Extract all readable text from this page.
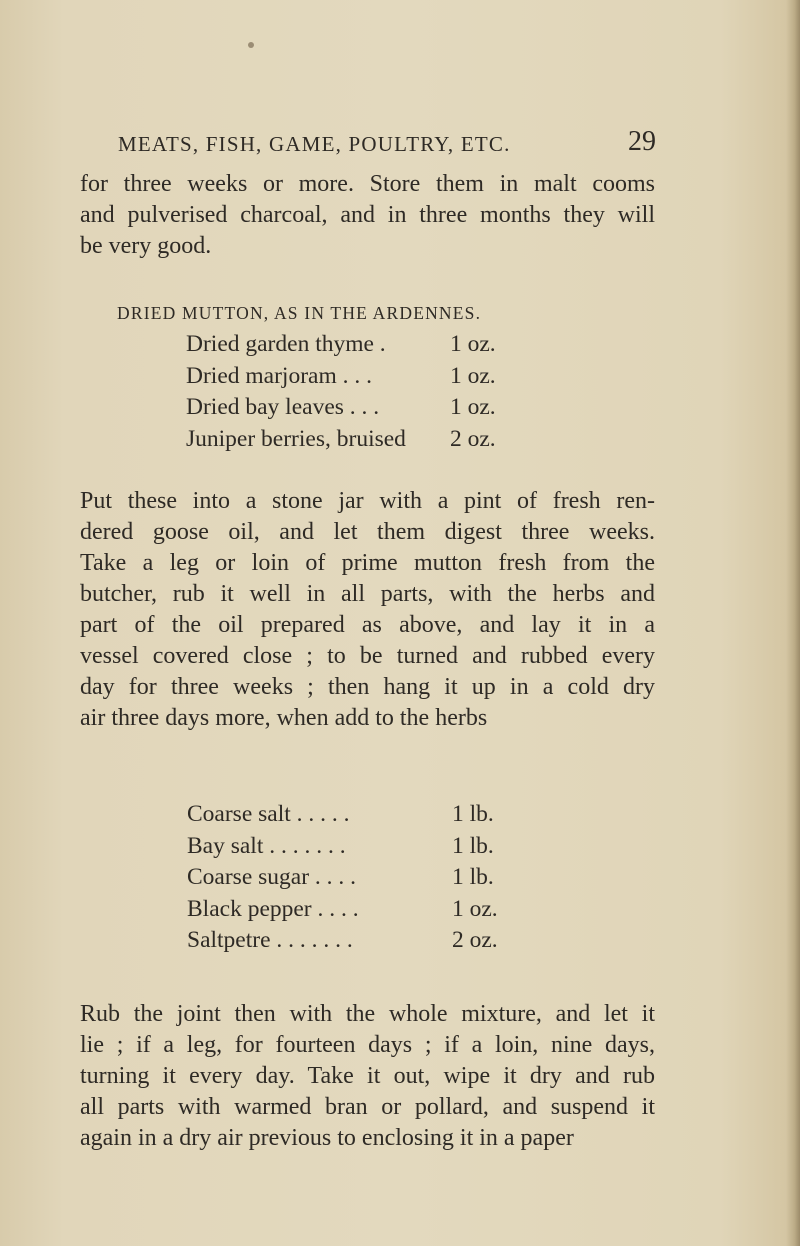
MEATS, FISH, GAME, POULTRY, ETC.	29
for three weeks or more. Store them in malt cooms
and pulverised charcoal, and in three months they will
be very good.
DRIED MUTTON, AS IN THE ARDENNES.
Dried garden thyme .	1 oz.
Dried marjoram . . .	1 oz.
Dried bay leaves . . .	1 oz.
Juniper berries, bruised	2 oz.
Put these into a stone jar with a pint of fresh ren-
dered goose oil, and let them digest three weeks.
Take a leg or loin of prime mutton fresh from the
butcher, rub it well in all parts, with the herbs and
part of the oil prepared as above, and lay it in a
vessel covered close ; to be turned and rubbed every
day for three weeks ; then hang it up in a cold dry
air three days more, when add to the herbs
Coarse salt . . . . .	1 lb.
Bay salt . . . . . . .	1 lb.
Coarse sugar . . . .	1 lb.
Black pepper . . . .	1 oz.
Saltpetre . . . . . . .	2 oz.
Rub the joint then with the whole mixture, and let it
lie ; if a leg, for fourteen days ; if a loin, nine days,
turning it every day. Take it out, wipe it dry and rub
all parts with warmed bran or pollard, and suspend it
again in a dry air previous to enclosing it in a paper
